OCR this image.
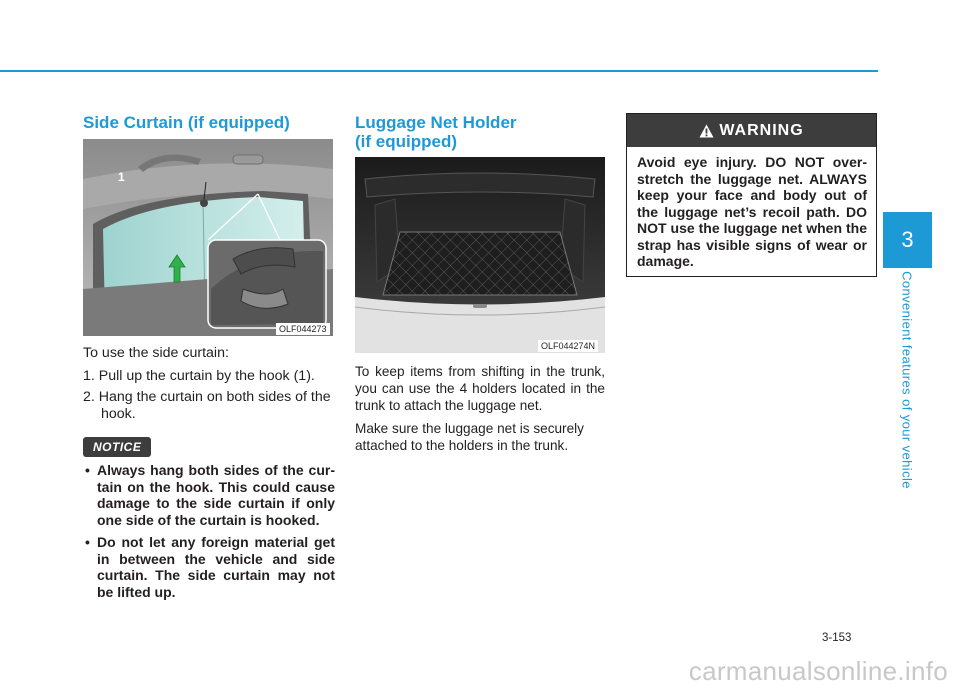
Side Curtain (if equipped)
1
OLF044273

To use the side curtain:

1. Pull up the curtain by the hook (1).
2. Hang the curtain on both sides of the hook.
NOTICE
• Always hang both sides of the cur-tain on the hook. This could cause damage to the side curtain if only one side of the curtain is hooked.
• Do not let any foreign material get in between the vehicle and side curtain. The side curtain may not be lifted up.
Luggage Net Holder
(if equipped)
OLF044274N

To keep items from shifting in the trunk, you can use the 4 holders located in the trunk to attach the luggage net.

Make sure the luggage net is securely attached to the holders in the trunk.

WARNING
Avoid eye injury. DO NOT over-stretch the luggage net. ALWAYS keep your face and body out of the luggage net’s recoil path. DO NOT use the luggage net when the strap has visible signs of wear or damage.
3
Convenient features of your vehicle
3-153
carmanualsonline.info
